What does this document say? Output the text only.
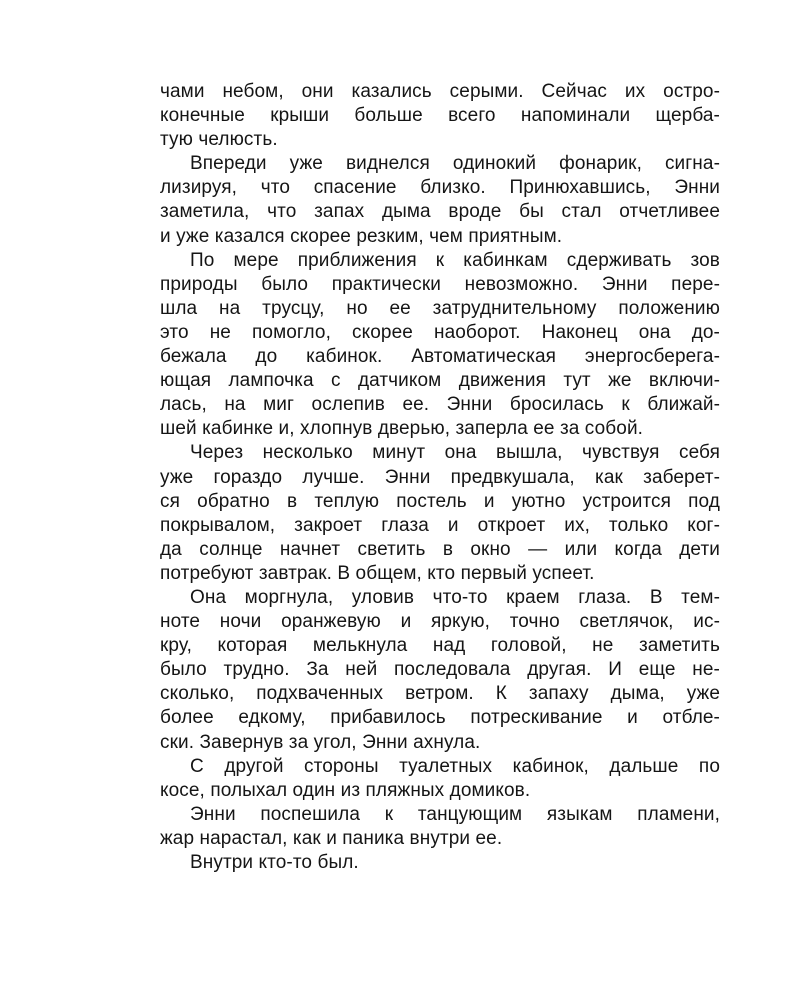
чами небом, они казались серыми. Сейчас их остро-
конечные крыши больше всего напоминали щерба-
тую челюсть.
Впереди уже виднелся одинокий фонарик, сигна-
лизируя, что спасение близко. Принюхавшись, Энни
заметила, что запах дыма вроде бы стал отчетливее
и уже казался скорее резким, чем приятным.
По мере приближения к кабинкам сдерживать зов
природы было практически невозможно. Энни пере-
шла на трусцу, но ее затруднительному положению
это не помогло, скорее наоборот. Наконец она до-
бежала до кабинок. Автоматическая энергосберега-
ющая лампочка с датчиком движения тут же включи-
лась, на миг ослепив ее. Энни бросилась к ближай-
шей кабинке и, хлопнув дверью, заперла ее за собой.
Через несколько минут она вышла, чувствуя себя
уже гораздо лучше. Энни предвкушала, как заберет-
ся обратно в теплую постель и уютно устроится под
покрывалом, закроет глаза и откроет их, только ког-
да солнце начнет светить в окно — или когда дети
потребуют завтрак. В общем, кто первый успеет.
Она моргнула, уловив что-то краем глаза. В тем-
ноте ночи оранжевую и яркую, точно светлячок, ис-
кру, которая мелькнула над головой, не заметить
было трудно. За ней последовала другая. И еще не-
сколько, подхваченных ветром. К запаху дыма, уже
более едкому, прибавилось потрескивание и отбле-
ски. Завернув за угол, Энни ахнула.
С другой стороны туалетных кабинок, дальше по
косе, полыхал один из пляжных домиков.
Энни поспешила к танцующим языкам пламени,
жар нарастал, как и паника внутри ее.
Внутри кто-то был.
